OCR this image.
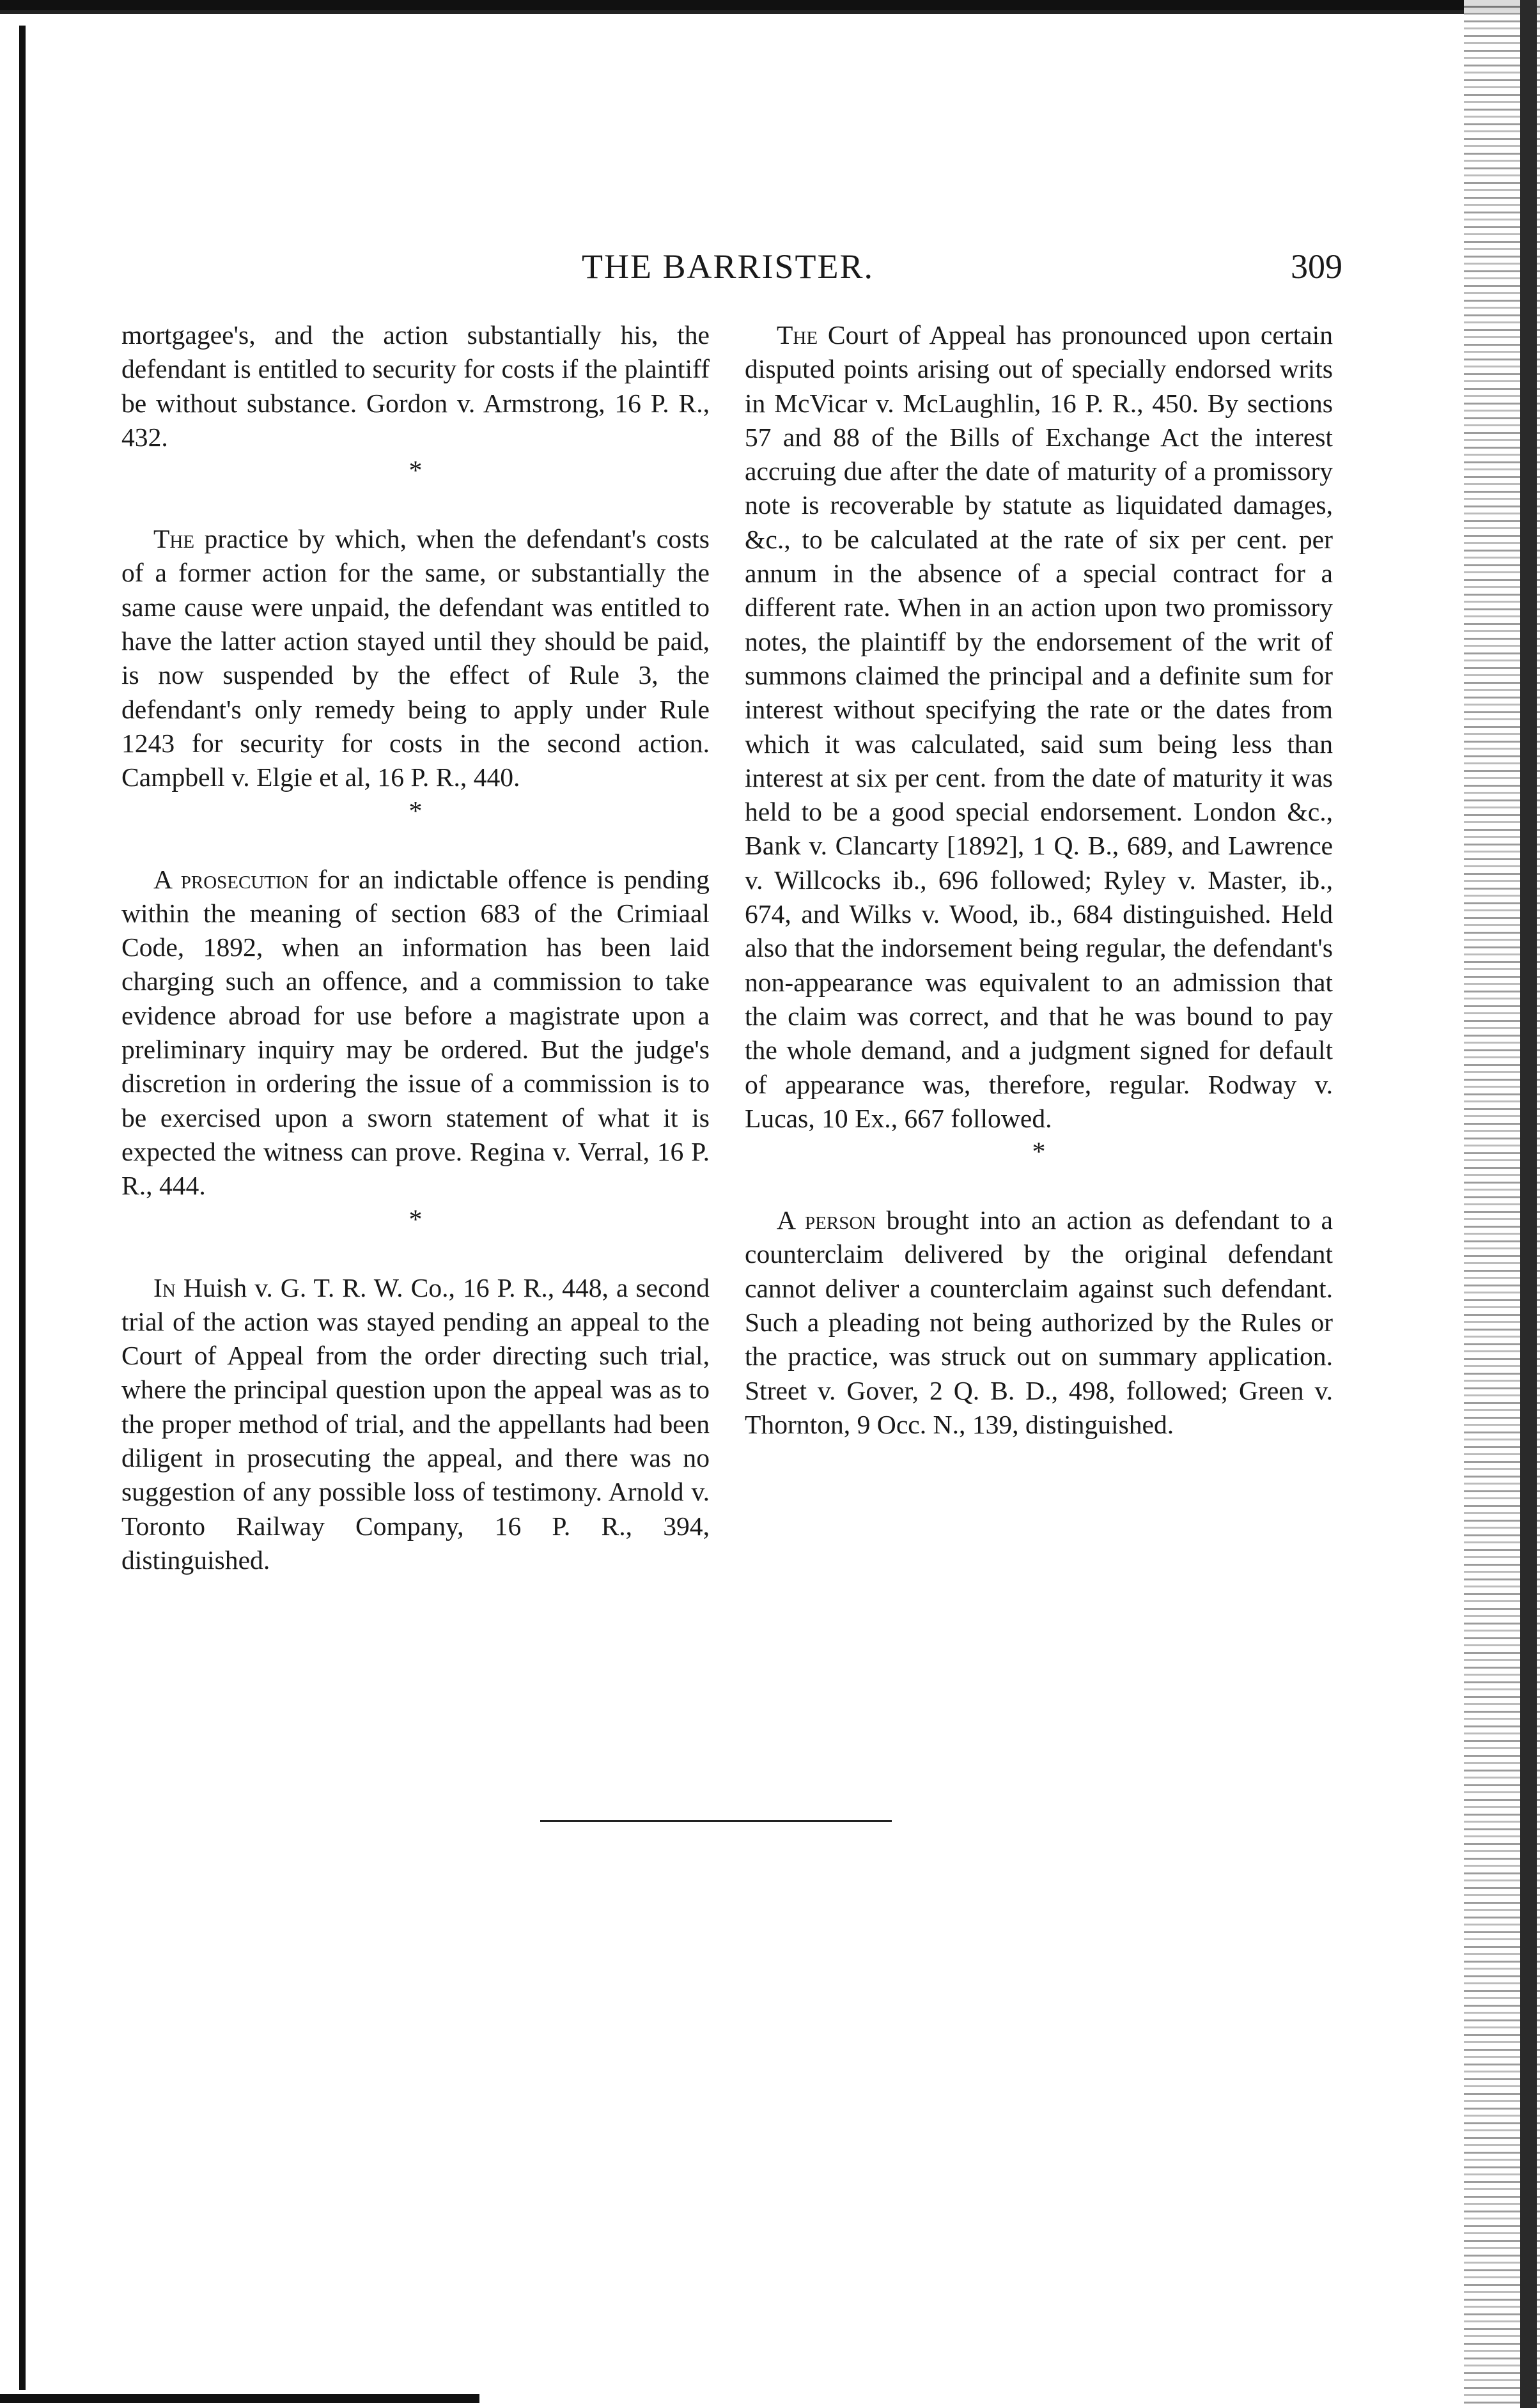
THE BARRISTER.	309

mortgagee's, and the action substantially his, the defendant is entitled to security for costs if the plaintiff be without substance. Gordon v. Armstrong, 16 P. R., 432.

*

The practice by which, when the defendant's costs of a former action for the same, or substantially the same cause were unpaid, the defendant was entitled to have the latter action stayed until they should be paid, is now suspended by the effect of Rule 3, the defendant's only remedy being to apply under Rule 1243 for security for costs in the second action. Campbell v. Elgie et al, 16 P. R., 440.

*

A prosecution for an indictable offence is pending within the meaning of section 683 of the Crimiaal Code, 1892, when an information has been laid charging such an offence, and a commission to take evidence abroad for use before a magistrate upon a preliminary inquiry may be ordered. But the judge's discretion in ordering the issue of a commission is to be exercised upon a sworn statement of what it is expected the witness can prove. Regina v. Verral, 16 P. R., 444.

*

In Huish v. G. T. R. W. Co., 16 P. R., 448, a second trial of the action was stayed pending an appeal to the Court of Appeal from the order directing such trial, where the principal question upon the appeal was as to the proper method of trial, and the appellants had been diligent in prosecuting the appeal, and there was no suggestion of any possible loss of testimony. Arnold v. Toronto Railway Company, 16 P. R., 394, distinguished.

The Court of Appeal has pronounced upon certain disputed points arising out of specially endorsed writs in McVicar v. McLaughlin, 16 P. R., 450. By sections 57 and 88 of the Bills of Exchange Act the interest accruing due after the date of maturity of a promissory note is recoverable by statute as liquidated damages, &c., to be calculated at the rate of six per cent. per annum in the absence of a special contract for a different rate. When in an action upon two promissory notes, the plaintiff by the endorsement of the writ of summons claimed the principal and a definite sum for interest without specifying the rate or the dates from which it was calculated, said sum being less than interest at six per cent. from the date of maturity it was held to be a good special endorsement. London &c., Bank v. Clancarty [1892], 1 Q. B., 689, and Lawrence v. Willcocks ib., 696 followed; Ryley v. Master, ib., 674, and Wilks v. Wood, ib., 684 distinguished. Held also that the indorsement being regular, the defendant's non-appearance was equivalent to an admission that the claim was correct, and that he was bound to pay the whole demand, and a judgment signed for default of appearance was, therefore, regular. Rodway v. Lucas, 10 Ex., 667 followed.

*

A person brought into an action as defendant to a counterclaim delivered by the original defendant cannot deliver a counterclaim against such defendant. Such a pleading not being authorized by the Rules or the practice, was struck out on summary application. Street v. Gover, 2 Q. B. D., 498, followed; Green v. Thornton, 9 Occ. N., 139, distinguished.
